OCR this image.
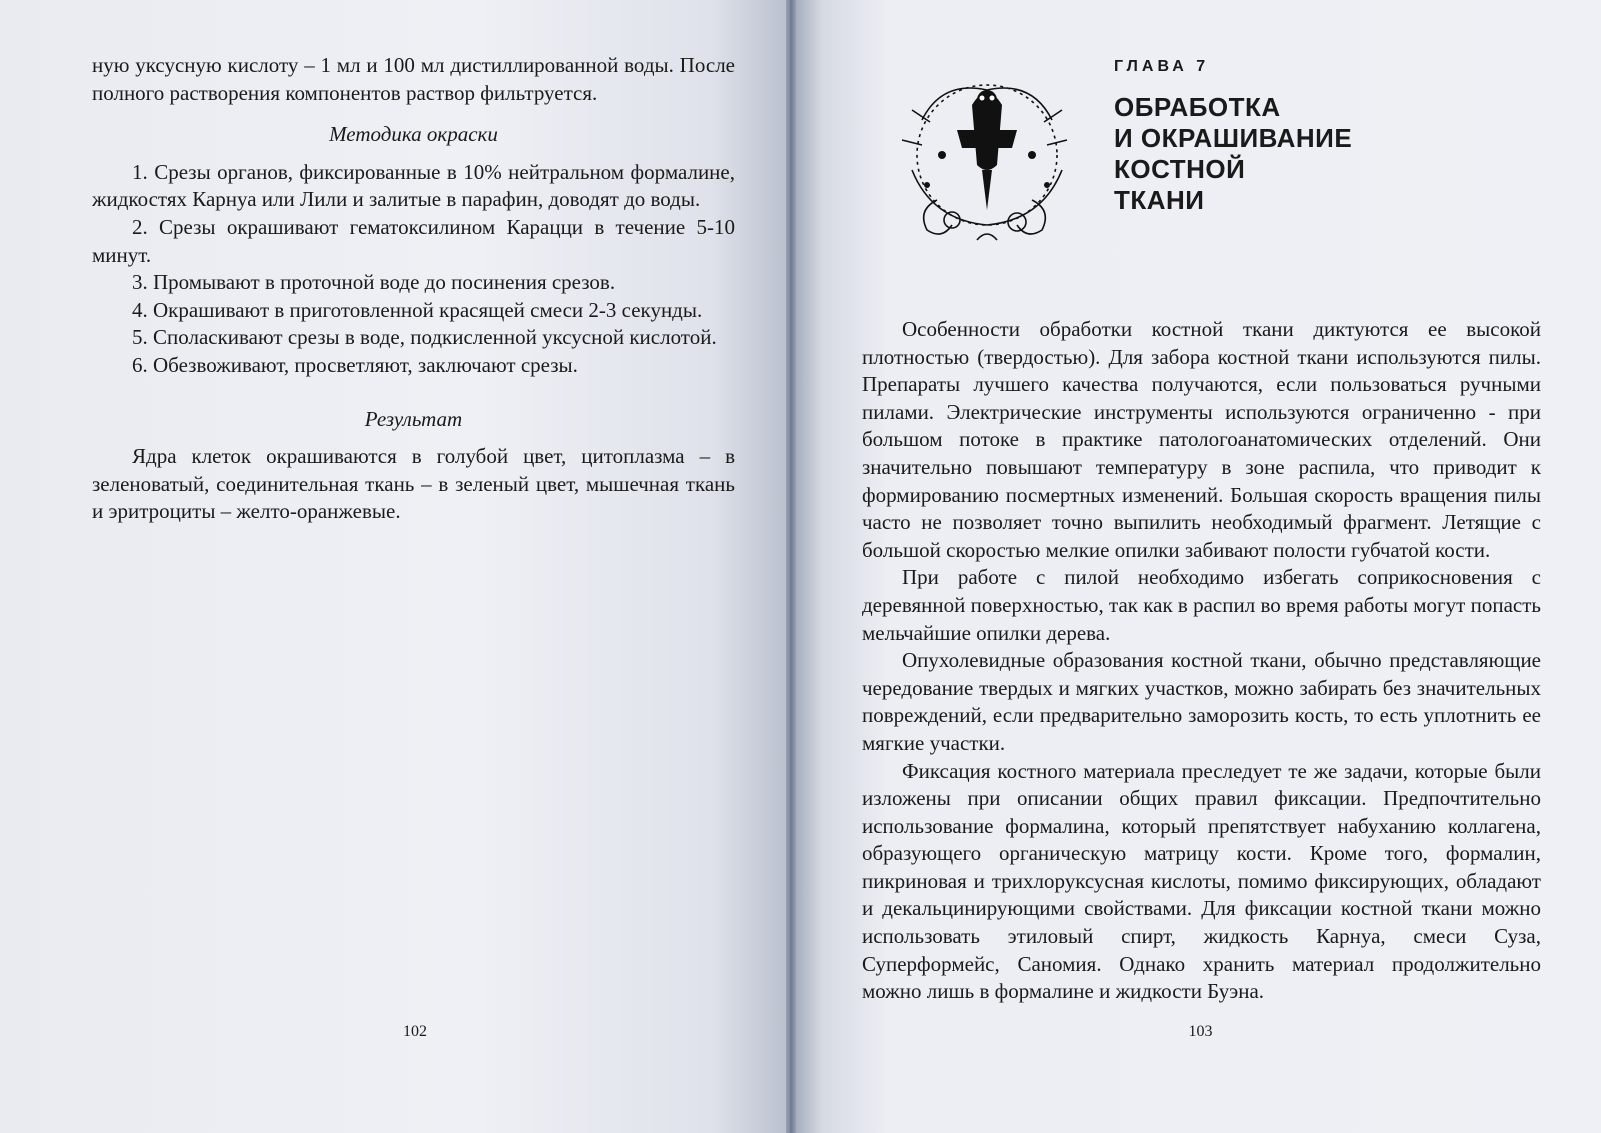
ную уксусную кислоту – 1 мл и 100 мл дистиллированной воды. После полного растворения компонентов раствор фильтруется.

Методика окраски

1. Срезы органов, фиксированные в 10% нейтральном формалине, жидкостях Карнуа или Лили и залитые в парафин, доводят до воды.

2. Срезы окрашивают гематоксилином Карацци в течение 5-10 минут.

3. Промывают в проточной воде до посинения срезов.

4. Окрашивают в приготовленной красящей смеси 2-3 секунды.

5. Споласкивают срезы в воде, подкисленной уксусной кислотой.

6. Обезвоживают, просветляют, заключают срезы.

Результат

Ядра клеток окрашиваются в голубой цвет, цитоплазма – в зеленоватый, соединительная ткань – в зеленый цвет, мышечная ткань и эритроциты – желто-оранжевые.

102
ГЛАВА 7
ОБРАБОТКА
И ОКРАШИВАНИЕ
КОСТНОЙ
ТКАНИ

Особенности обработки костной ткани диктуются ее высокой плотностью (твердостью). Для забора костной ткани используются пилы. Препараты лучшего качества получаются, если пользоваться ручными пилами. Электрические инструменты используются ограниченно - при большом потоке в практике патологоанатомических отделений. Они значительно повышают температуру в зоне распила, что приводит к формированию посмертных изменений. Большая скорость вращения пилы часто не позволяет точно выпилить необходимый фрагмент. Летящие с большой скоростью мелкие опилки забивают полости губчатой кости.

При работе с пилой необходимо избегать соприкосновения с деревянной поверхностью, так как в распил во время работы могут попасть мельчайшие опилки дерева.

Опухолевидные образования костной ткани, обычно представляющие чередование твердых и мягких участков, можно забирать без значительных повреждений, если предварительно заморозить кость, то есть уплотнить ее мягкие участки.

Фиксация костного материала преследует те же задачи, которые были изложены при описании общих правил фиксации. Предпочтительно использование формалина, который препятствует набуханию коллагена, образующего органическую матрицу кости. Кроме того, формалин, пикриновая и трихлоруксусная кислоты, помимо фиксирующих, обладают и декальцинирующими свойствами. Для фиксации костной ткани можно использовать этиловый спирт, жидкость Карнуа, смеси Суза, Суперформейс, Саномия. Однако хранить материал продолжительно можно лишь в формалине и жидкости Буэна.

103
